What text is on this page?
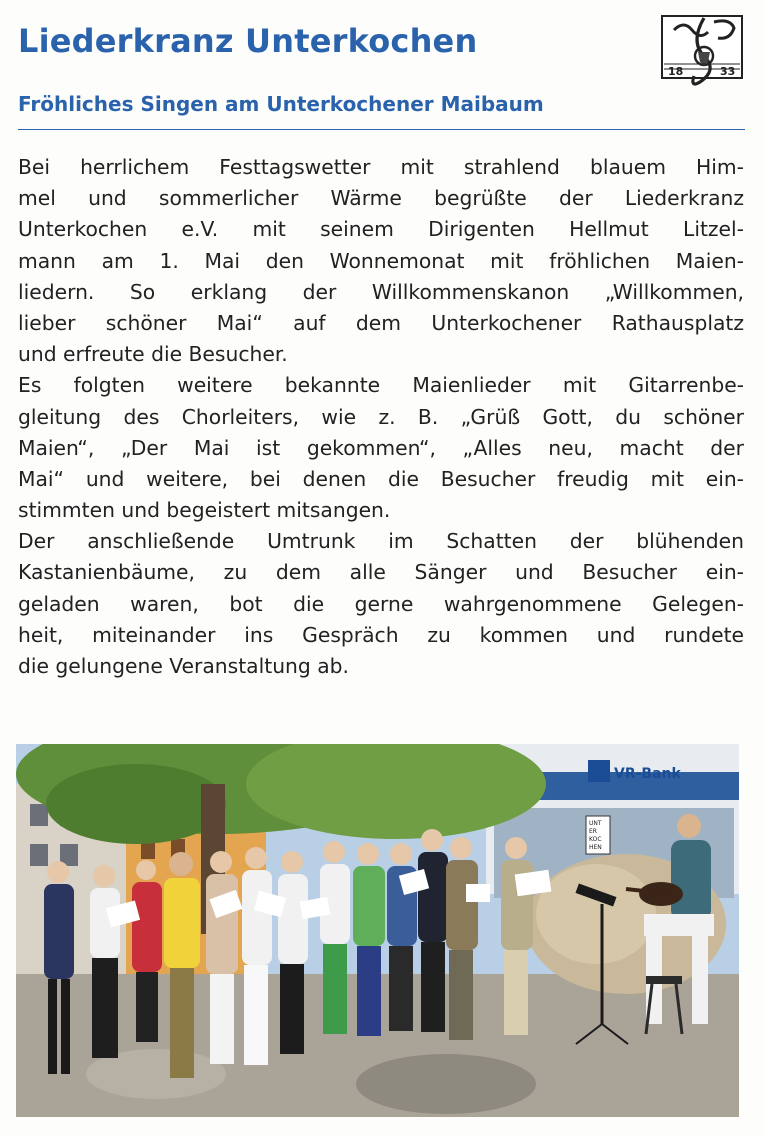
Liederkranz Unterkochen
18	33
Fröhliches Singen am Unterkochener Maibaum
Bei herrlichem Festtagswetter mit strahlend blauem Him-
mel und sommerlicher Wärme begrüßte der Liederkranz
Unterkochen e.V. mit seinem Dirigenten Hellmut Litzel-
mann am 1. Mai den Wonnemonat mit fröhlichen Maien-
liedern. So erklang der Willkommenskanon „Willkommen,
lieber schöner Mai“ auf dem Unterkochener Rathausplatz
und erfreute die Besucher.
Es folgten weitere bekannte Maienlieder mit Gitarrenbe-
gleitung des Chorleiters, wie z. B. „Grüß Gott, du schöner
Maien“, „Der Mai ist gekommen“, „Alles neu, macht der
Mai“ und weitere, bei denen die Besucher freudig mit ein-
stimmten und begeistert mitsangen.
Der anschließende Umtrunk im Schatten der blühenden
Kastanienbäume, zu dem alle Sänger und Besucher ein-
geladen waren, bot die gerne wahrgenommene Gelegen-
heit, miteinander ins Gespräch zu kommen und rundete
die gelungene Veranstaltung ab.
VR-Bank
UNT
ER
KOC
HEN
